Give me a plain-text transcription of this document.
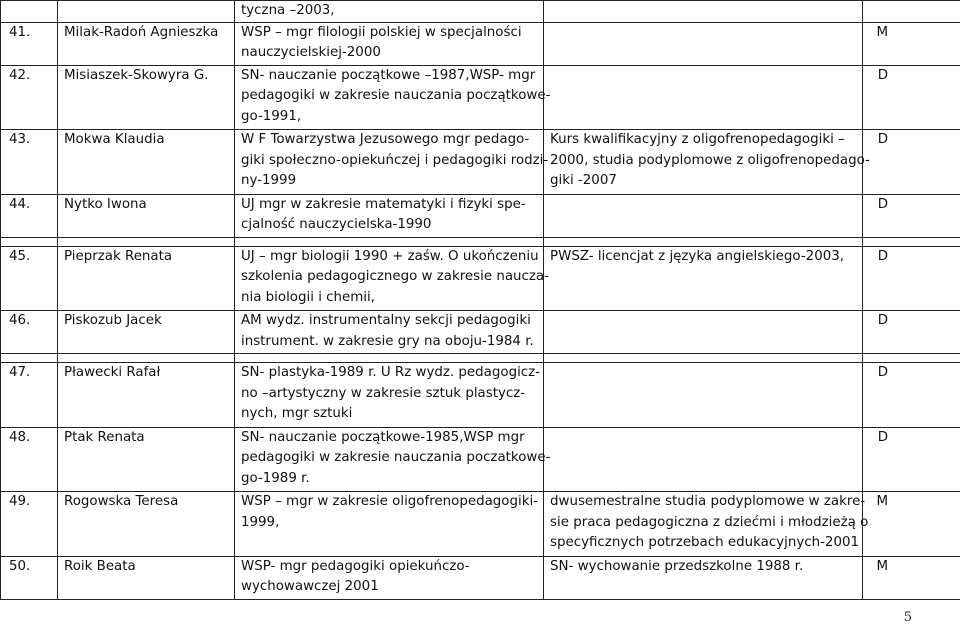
		tyczna –2003,		

41.	Milak-Radoń Agnieszka	WSP – mgr filologii polskiej w specjalności
nauczycielskiej-2000		M
42.	Misiaszek-Skowyra G.	SN- nauczanie początkowe –1987,WSP- mgr
pedagogiki w zakresie nauczania początkowe-
go-1991,		D
43.	Mokwa Klaudia	W F Towarzystwa Jezusowego mgr pedago-
giki społeczno-opiekuńczej i pedagogiki rodzi-
ny-1999	Kurs kwalifikacyjny z oligofrenopedagogiki –
2000, studia podyplomowe z oligofrenopedago-
giki -2007	D
44.	Nytko Iwona	UJ mgr w zakresie matematyki i fizyki spe-
cjalność nauczycielska-1990		D

45.	Pieprzak Renata	UJ – mgr biologii 1990 + zaśw. O ukończeniu
szkolenia pedagogicznego w zakresie naucza-
nia biologii i chemii,	PWSZ- licencjat z języka angielskiego-2003,	D
46.	Piskozub Jacek	AM wydz. instrumentalny sekcji pedagogiki
instrument. w zakresie gry na oboju-1984 r.		D

47.	Pławecki Rafał	SN- plastyka-1989 r. U Rz wydz. pedagogicz-
no –artystyczny w zakresie sztuk plastycz-
nych, mgr sztuki		D
48.	Ptak Renata	SN- nauczanie początkowe-1985,WSP mgr
pedagogiki w zakresie nauczania poczatkowe-
go-1989 r.		D
49.	Rogowska Teresa	WSP – mgr w zakresie oligofrenopedagogiki-
1999,	dwusemestralne studia podyplomowe w zakre-
sie praca pedagogiczna z dziećmi i młodzieżą o
specyficznych potrzebach edukacyjnych-2001	M
50.	Roik Beata	WSP- mgr pedagogiki opiekuńczo-
wychowawczej 2001	SN- wychowanie przedszkolne 1988 r.	M
5
